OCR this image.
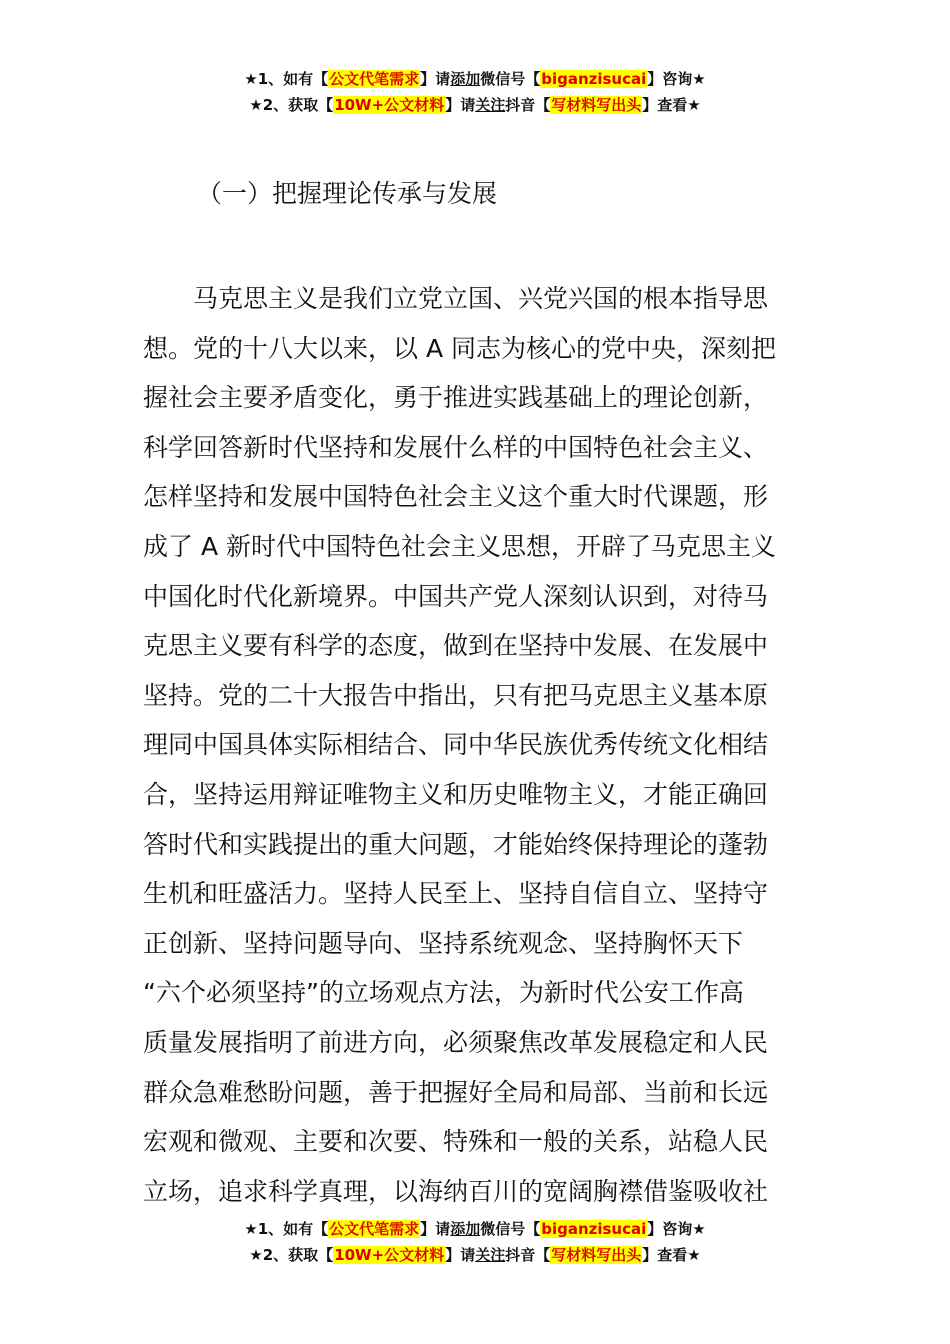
★1、如有【公文代笔需求】请添加微信号【biganzisucai】咨询★
★2、获取【10W+公文材料】请关注抖音【写材料写出头】查看★
（一）把握理论传承与发展
　　马克思主义是我们立党立国、兴党兴国的根本指导思
想。党的十八大以来，以 A 同志为核心的党中央，深刻把
握社会主要矛盾变化，勇于推进实践基础上的理论创新，
科学回答新时代坚持和发展什么样的中国特色社会主义、
怎样坚持和发展中国特色社会主义这个重大时代课题，形
成了 A 新时代中国特色社会主义思想，开辟了马克思主义
中国化时代化新境界。中国共产党人深刻认识到，对待马
克思主义要有科学的态度，做到在坚持中发展、在发展中
坚持。党的二十大报告中指出，只有把马克思主义基本原
理同中国具体实际相结合、同中华民族优秀传统文化相结
合，坚持运用辩证唯物主义和历史唯物主义，才能正确回
答时代和实践提出的重大问题，才能始终保持理论的蓬勃
生机和旺盛活力。坚持人民至上、坚持自信自立、坚持守
正创新、坚持问题导向、坚持系统观念、坚持胸怀天下
“六个必须坚持”的立场观点方法，为新时代公安工作高
质量发展指明了前进方向，必须聚焦改革发展稳定和人民
群众急难愁盼问题，善于把握好全局和局部、当前和长远
宏观和微观、主要和次要、特殊和一般的关系，站稳人民
立场，追求科学真理，以海纳百川的宽阔胸襟借鉴吸收社
★1、如有【公文代笔需求】请添加微信号【biganzisucai】咨询★
★2、获取【10W+公文材料】请关注抖音【写材料写出头】查看★
